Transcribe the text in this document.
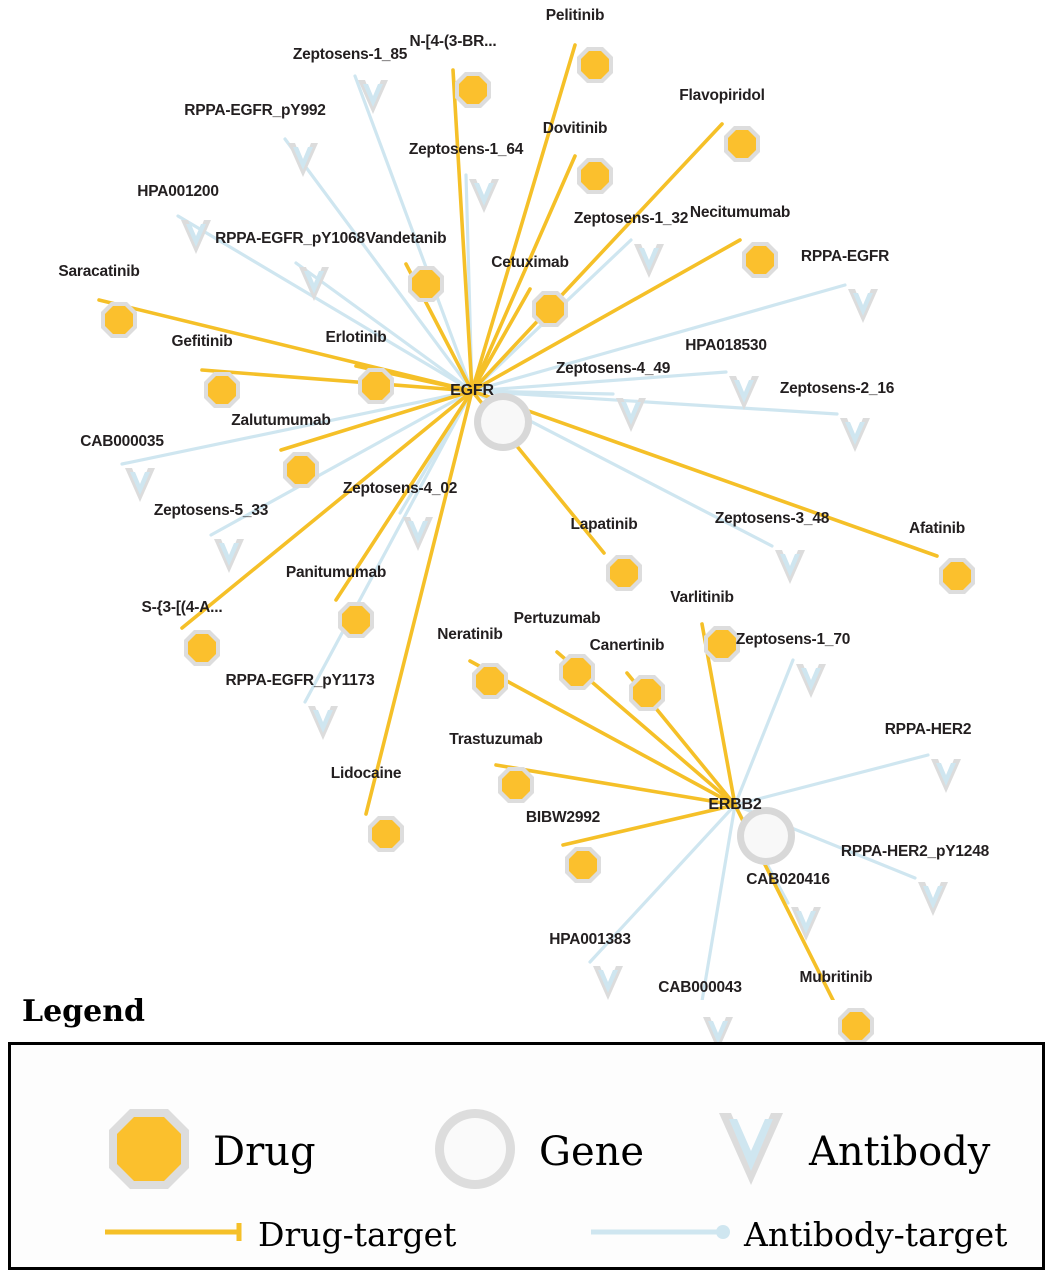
Pelitinib
N-[4-(3-BR...
Flavopiridol
Dovitinib
Necitumumab
Vandetanib
Cetuximab
Saracatinib
Erlotinib
Gefitinib
Zalutumumab
Lapatinib	Afatinib
Panitumumab
Varlitinib
S-{3-[(4-A...
Neratinib
Pertuzumab
Canertinib
Trastuzumab
Lidocaine
BIBW2992
Mubritinib
Zeptosens-1_85
RPPA-EGFR_pY992
Zeptosens-1_64
HPA001200
Zeptosens-1_32
RPPA-EGFR_pY1068
RPPA-EGFR
HPA018530
Zeptosens-4_49
Zeptosens-2_16
CAB000035
Zeptosens-4_02
Zeptosens-5_33	Zeptosens-3_48
Zeptosens-1_70
RPPA-EGFR_pY1173
RPPA-HER2
RPPA-HER2_pY1248
CAB020416
HPA001383
CAB000043
EGFR
ERBB2
Legend
Drug	Gene	Antibody
Drug-target	Antibody-target
